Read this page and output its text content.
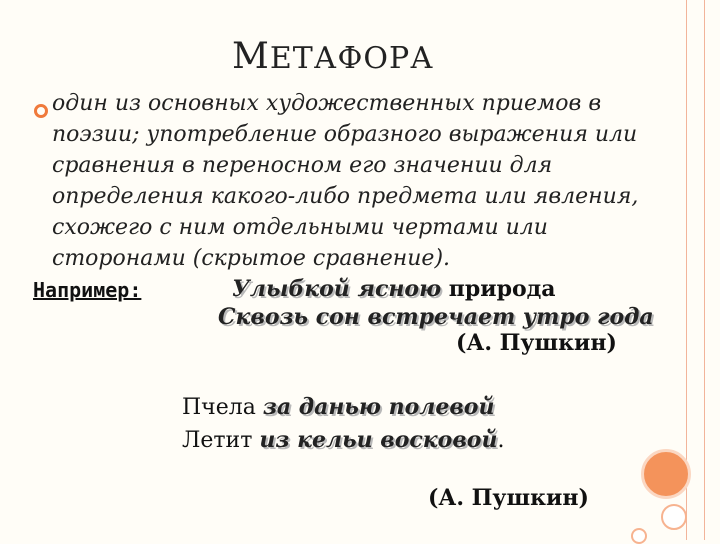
МЕТАФОРА
один из основных художественных приемов в поэзии; употребление образного выражения или сравнения в переносном его значении для определения какого-либо предмета или явления, схожего с ним отдельными чертами или сторонами (скрытое сравнение).
Например:	Улыбкой ясною природа
Сквозь сон встречает утро года
(А. Пушкин)
Пчела за данью полевой
Летит из кельи восковой.
(А. Пушкин)
